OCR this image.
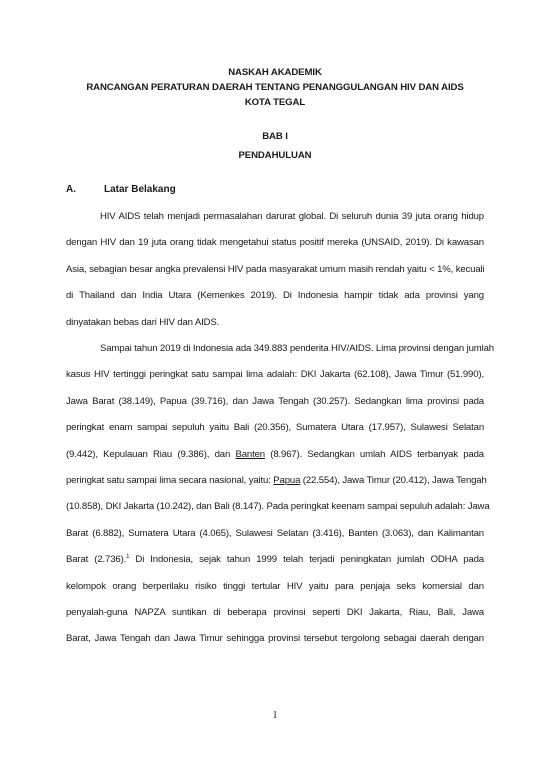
NASKAH AKADEMIK
RANCANGAN PERATURAN DAERAH TENTANG PENANGGULANGAN HIV DAN AIDS
KOTA TEGAL
BAB I
PENDAHULUAN
A.	Latar Belakang
HIV AIDS telah menjadi permasalahan darurat global. Di seluruh dunia 39 juta orang hidup
dengan HIV dan 19 juta orang tidak mengetahui status positif mereka (UNSAID, 2019). Di kawasan
Asia, sebagian besar angka prevalensi HIV pada masyarakat umum masih rendah yaitu < 1%, kecuali
di Thailand dan India Utara (Kemenkes 2019). Di Indonesia hampir tidak ada provinsi yang
dinyatakan bebas dari HIV dan AIDS.
Sampai tahun 2019 di Indonesia ada 349.883 penderita HIV/AIDS. Lima provinsi dengan jumlah
kasus HIV tertinggi peringkat satu sampai lima adalah: DKI Jakarta (62.108), Jawa Timur (51.990),
Jawa Barat (38.149), Papua (39.716), dan Jawa Tengah (30.257). Sedangkan lima provinsi pada
peringkat enam sampai sepuluh yaitu Bali (20.356), Sumatera Utara (17.957), Sulawesi Selatan
(9.442), Kepulauan Riau (9.386), dan Banten (8.967). Sedangkan umlah AIDS terbanyak pada
peringkat satu sampai lima secara nasional, yaitu: Papua (22.554), Jawa Timur (20.412), Jawa Tengah
(10.858), DKI Jakarta (10.242), dan Bali (8.147). Pada peringkat keenam sampai sepuluh adalah: Jawa
Barat (6.882), Sumatera Utara (4.065), Sulawesi Selatan (3.416), Banten (3.063), dan Kalimantan
Barat (2.736).$^1$ Di Indonesia, sejak tahun 1999 telah terjadi peningkatan jumlah ODHA pada
kelompok orang berperilaku risiko tinggi tertular HIV yaitu para penjaja seks komersial dan
penyalah-guna NAPZA suntikan di beberapa provinsi seperti DKI Jakarta, Riau, Bali, Jawa
Barat, Jawa Tengah dan Jawa Timur sehingga provinsi tersebut tergolong sebagai daerah dengan
1
